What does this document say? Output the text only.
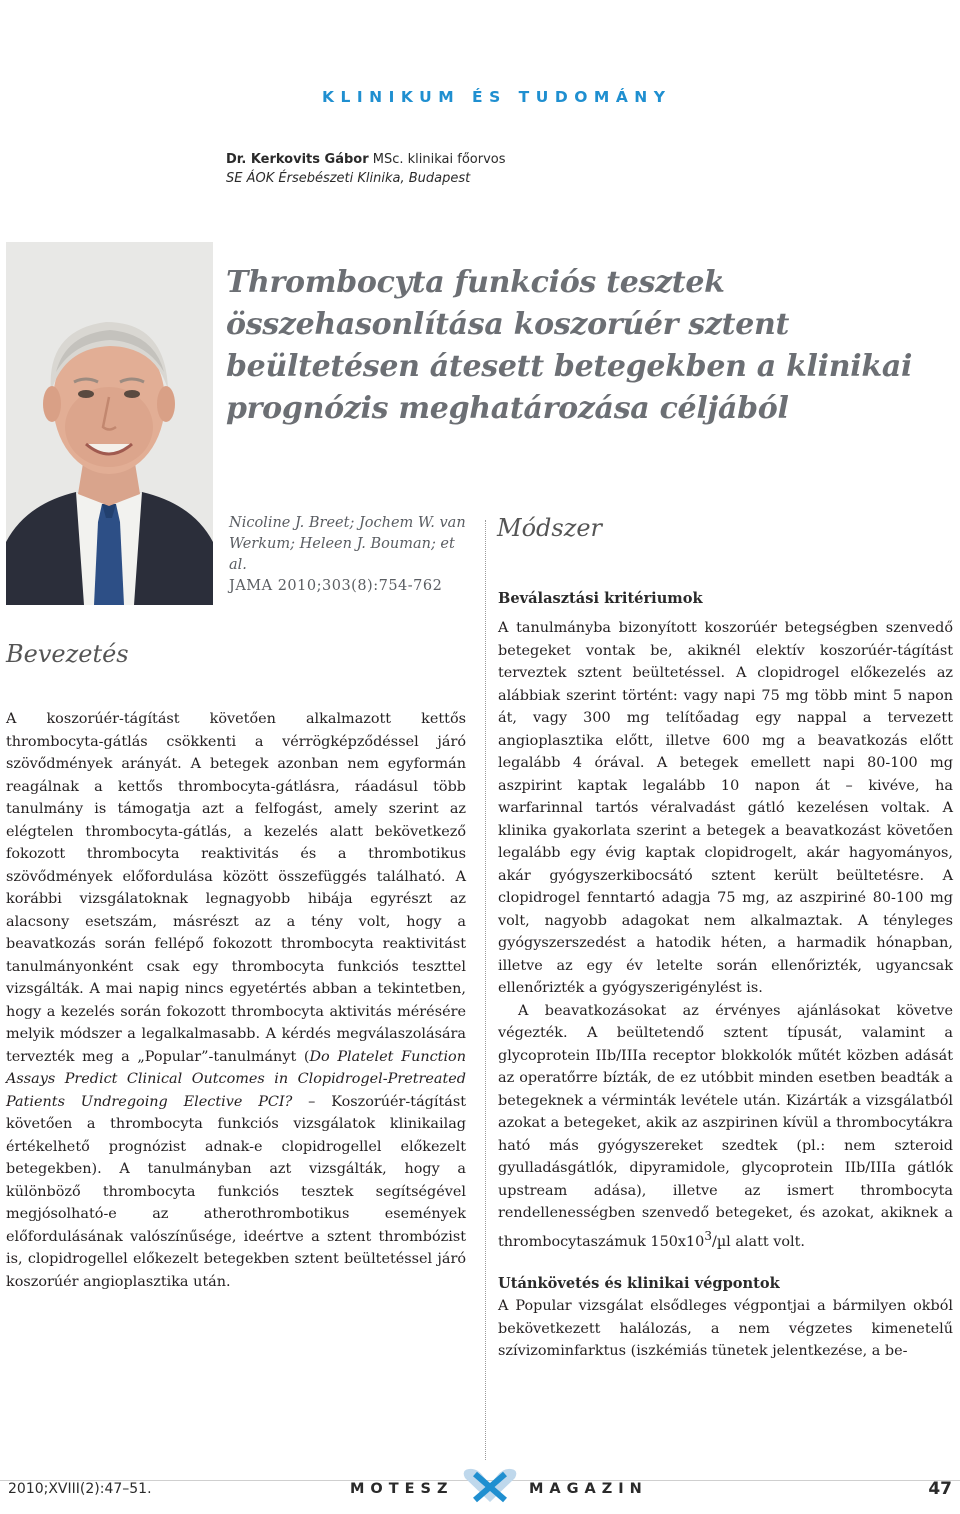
KLINIKUM ÉS TUDOMÁNY
Dr. Kerkovits Gábor MSc. klinikai főorvos
SE ÁOK Érsebészeti Klinika, Budapest
Thrombocyta funkciós tesztek összehasonlítása koszorúér sztent beültetésen átesett betegekben a klinikai prognózis meghatározása céljából
Nicoline J. Breet; Jochem W. van Werkum; Heleen J. Bouman; et al.
JAMA 2010;303(8):754-762
Bevezetés

A koszorúér-tágítást követően alkalmazott kettős thrombocyta-gátlás csökkenti a vérrögképződéssel járó szövődmények arányát. A betegek azonban nem egyformán reagálnak a kettős thrombocyta-gátlásra, ráadásul több tanulmány is támogatja azt a felfogást, amely szerint az elégtelen thrombocyta-gátlás, a kezelés alatt bekövetkező fokozott thrombocyta reaktivitás és a thrombotikus szövődmények előfordulása között összefüggés található. A korábbi vizsgálatoknak legnagyobb hibája egyrészt az alacsony esetszám, másrészt az a tény volt, hogy a beavatkozás során fellépő fokozott thrombocyta reaktivitást tanulmányonként csak egy thrombocyta funkciós teszttel vizsgálták. A mai napig nincs egyetértés abban a tekintetben, hogy a kezelés során fokozott thrombocyta aktivitás mérésére melyik módszer a legalkalmasabb. A kérdés megválaszolására tervezték meg a „Popular”-tanulmányt (Do Platelet Function Assays Predict Clinical Outcomes in Clopidrogel-Pretreated Patients Undregoing Elective PCI? – Koszorúér-tágítást követően a thrombocyta funkciós vizsgálatok klinikailag értékelhető prognózist adnak-e clopidrogellel előkezelt betegekben). A tanulmányban azt vizsgálták, hogy a különböző thrombocyta funkciós tesztek segítségével megjósolható-e az atherothrombotikus események előfordulásának valószínűsége, ideértve a sztent thrombózist is, clopidrogellel előkezelt betegekben sztent beültetéssel járó koszorúér angioplasztika után.

Módszer
Beválasztási kritériumok

A tanulmányba bizonyított koszorúér betegségben szenvedő betegeket vontak be, akiknél elektív koszorúér-tágítást terveztek sztent beültetéssel. A clopidrogel előkezelés az alábbiak szerint történt: vagy napi 75 mg több mint 5 napon át, vagy 300 mg telítőadag egy nappal a tervezett angioplasztika előtt, illetve 600 mg a beavatkozás előtt legalább 4 órával. A betegek emellett napi 80-100 mg aszpirint kaptak legalább 10 napon át – kivéve, ha warfarinnal tartós véralvadást gátló kezelésen voltak. A klinika gyakorlata szerint a betegek a beavatkozást követően legalább egy évig kaptak clopidrogelt, akár hagyományos, akár gyógyszerkibocsátó sztent került beültetésre. A clopidrogel fenntartó adagja 75 mg, az aszpiriné 80-100 mg volt, nagyobb adagokat nem alkalmaztak. A tényleges gyógyszerszedést a hatodik héten, a harmadik hónapban, illetve az egy év letelte során ellenőrizték, ugyancsak ellenőrizték a gyógyszerigénylést is.

A beavatkozásokat az érvényes ajánlásokat követve végezték. A beültetendő sztent típusát, valamint a glycoprotein IIb/IIIa receptor blokkolók műtét közben adását az operatőrre bízták, de ez utóbbit minden esetben beadták a betegeknek a vérminták levétele után. Kizárták a vizsgálatból azokat a betegeket, akik az aszpirinen kívül a thrombocytákra ható más gyógyszereket szedtek (pl.: nem szteroid gyulladásgátlók, dipyramidole, glycoprotein IIb/IIIa gátlók upstream adása), illetve az ismert thrombocyta rendellenességben szenvedő betegeket, és azokat, akiknek a thrombocytaszámuk $150x10^3/\mu l$ alatt volt.

Utánkövetés és klinikai végpontok

A Popular vizsgálat elsődleges végpontjai a bármilyen okból bekövetkezett halálozás, a nem végzetes kimenetelű szívizominfarktus (iszkémiás tünetek jelentkezése, a be-

2010;XVIII(2):47–51.	MOTESZ	MAGAZIN	47
